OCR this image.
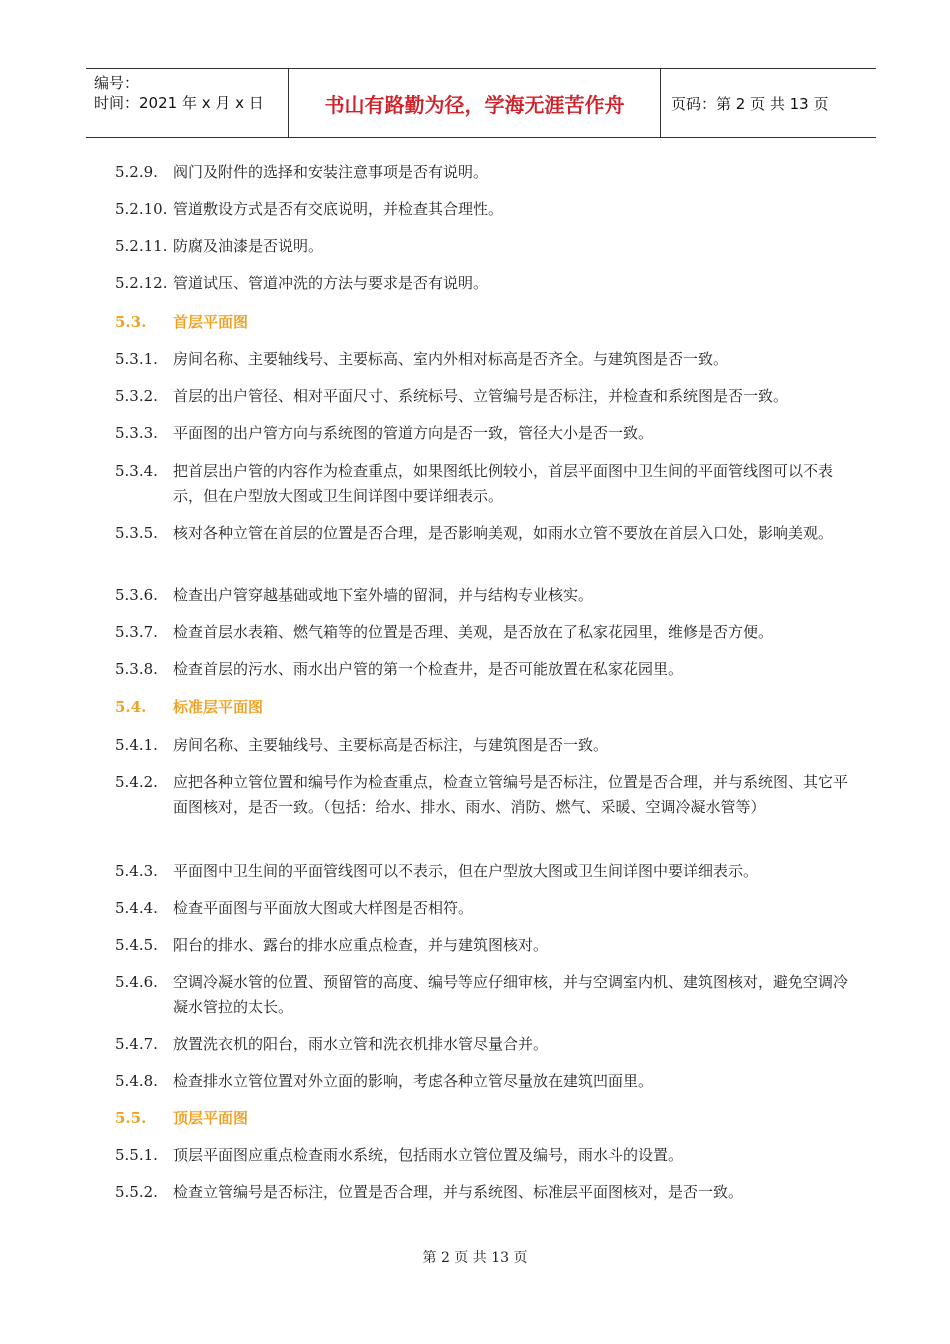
编号：
时间：2021 年 x 月 x 日	书山有路勤为径，学海无涯苦作舟	页码：第 2 页 共 13 页
5.2.9.	阀门及附件的选择和安装注意事项是否有说明。
5.2.10. 管道敷设方式是否有交底说明，并检查其合理性。
5.2.11. 防腐及油漆是否说明。
5.2.12. 管道试压、管道冲洗的方法与要求是否有说明。
5.3.	首层平面图
5.3.1.	房间名称、主要轴线号、主要标高、室内外相对标高是否齐全。与建筑图是否一致。
5.3.2.	首层的出户管径、相对平面尺寸、系统标号、立管编号是否标注，并检查和系统图是否一致。
5.3.3.	平面图的出户管方向与系统图的管道方向是否一致，管径大小是否一致。
5.3.4.	把首层出户管的内容作为检查重点，如果图纸比例较小，首层平面图中卫生间的平面管线图可以不表示，但在户型放大图或卫生间详图中要详细表示。
5.3.5.	核对各种立管在首层的位置是否合理，是否影响美观，如雨水立管不要放在首层入口处，影响美观。
5.3.6.	检查出户管穿越基础或地下室外墙的留洞，并与结构专业核实。
5.3.7.	检查首层水表箱、燃气箱等的位置是否理、美观，是否放在了私家花园里，维修是否方便。
5.3.8.	检查首层的污水、雨水出户管的第一个检查井，是否可能放置在私家花园里。
5.4.	标准层平面图
5.4.1.	房间名称、主要轴线号、主要标高是否标注，与建筑图是否一致。
5.4.2.	应把各种立管位置和编号作为检查重点，检查立管编号是否标注，位置是否合理，并与系统图、其它平面图核对，是否一致。（包括：给水、排水、雨水、消防、燃气、采暖、空调冷凝水管等）
5.4.3.	平面图中卫生间的平面管线图可以不表示，但在户型放大图或卫生间详图中要详细表示。
5.4.4.	检查平面图与平面放大图或大样图是否相符。
5.4.5.	阳台的排水、露台的排水应重点检查，并与建筑图核对。
5.4.6.	空调冷凝水管的位置、预留管的高度、编号等应仔细审核，并与空调室内机、建筑图核对，避免空调冷凝水管拉的太长。
5.4.7.	放置洗衣机的阳台，雨水立管和洗衣机排水管尽量合并。
5.4.8.	检查排水立管位置对外立面的影响，考虑各种立管尽量放在建筑凹面里。
5.5.	顶层平面图
5.5.1.	顶层平面图应重点检查雨水系统，包括雨水立管位置及编号，雨水斗的设置。
5.5.2.	检查立管编号是否标注，位置是否合理，并与系统图、标准层平面图核对，是否一致。
第 2 页 共 13 页
